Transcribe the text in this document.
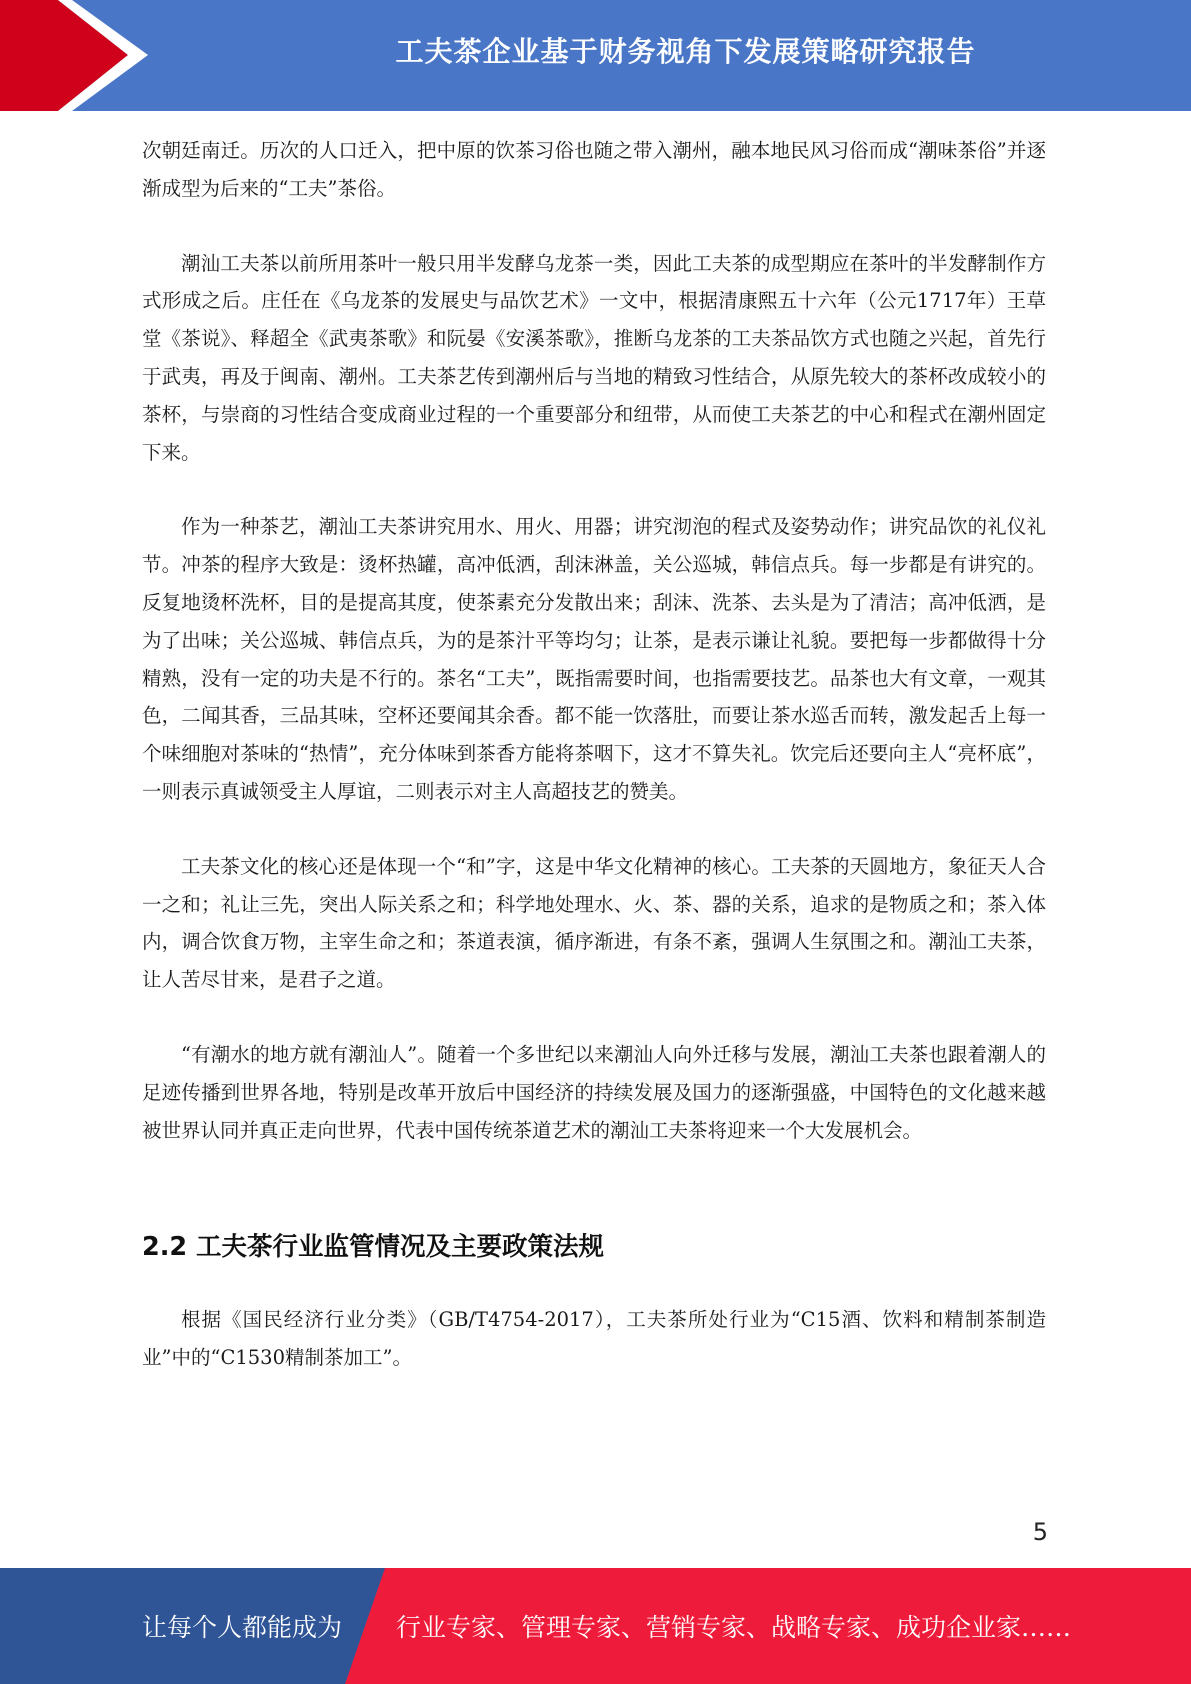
工夫茶企业基于财务视角下发展策略研究报告

次朝廷南迁。历次的人口迁入，把中原的饮茶习俗也随之带入潮州，融本地民风习俗而成“潮味茶俗”并逐渐成型为后来的“工夫”茶俗。

潮汕工夫茶以前所用茶叶一般只用半发酵乌龙茶一类，因此工夫茶的成型期应在茶叶的半发酵制作方式形成之后。庄任在《乌龙茶的发展史与品饮艺术》一文中，根据清康熙五十六年（公元1717年）王草堂《茶说》、释超全《武夷茶歌》和阮晏《安溪茶歌》，推断乌龙茶的工夫茶品饮方式也随之兴起，首先行于武夷，再及于闽南、潮州。工夫茶艺传到潮州后与当地的精致习性结合，从原先较大的茶杯改成较小的茶杯，与崇商的习性结合变成商业过程的一个重要部分和纽带，从而使工夫茶艺的中心和程式在潮州固定下来。

作为一种茶艺，潮汕工夫茶讲究用水、用火、用器；讲究沏泡的程式及姿势动作；讲究品饮的礼仪礼节。冲茶的程序大致是：烫杯热罐，高冲低洒，刮沫淋盖，关公巡城，韩信点兵。每一步都是有讲究的。反复地烫杯洗杯，目的是提高其度，使茶素充分发散出来；刮沫、洗茶、去头是为了清洁；高冲低洒，是为了出味；关公巡城、韩信点兵，为的是茶汁平等均匀；让茶，是表示谦让礼貌。要把每一步都做得十分精熟，没有一定的功夫是不行的。茶名“工夫”，既指需要时间，也指需要技艺。品茶也大有文章，一观其色，二闻其香，三品其味，空杯还要闻其余香。都不能一饮落肚，而要让茶水巡舌而转，激发起舌上每一个味细胞对茶味的“热情”，充分体味到茶香方能将茶咽下，这才不算失礼。饮完后还要向主人“亮杯底”，一则表示真诚领受主人厚谊，二则表示对主人高超技艺的赞美。

工夫茶文化的核心还是体现一个“和”字，这是中华文化精神的核心。工夫茶的天圆地方，象征天人合一之和；礼让三先，突出人际关系之和；科学地处理水、火、茶、器的关系，追求的是物质之和；茶入体内，调合饮食万物，主宰生命之和；茶道表演，循序渐进，有条不紊，强调人生氛围之和。潮汕工夫茶，让人苦尽甘来，是君子之道。

“有潮水的地方就有潮汕人”。随着一个多世纪以来潮汕人向外迁移与发展，潮汕工夫茶也跟着潮人的足迹传播到世界各地，特别是改革开放后中国经济的持续发展及国力的逐渐强盛，中国特色的文化越来越被世界认同并真正走向世界，代表中国传统茶道艺术的潮汕工夫茶将迎来一个大发展机会。

2.2 工夫茶行业监管情况及主要政策法规

根据《国民经济行业分类》（GB/T4754-2017），工夫茶所处行业为“C15酒、饮料和精制茶制造业”中的“C1530精制茶加工”。

5
让每个人都能成为 行业专家、管理专家、营销专家、战略专家、成功企业家……
